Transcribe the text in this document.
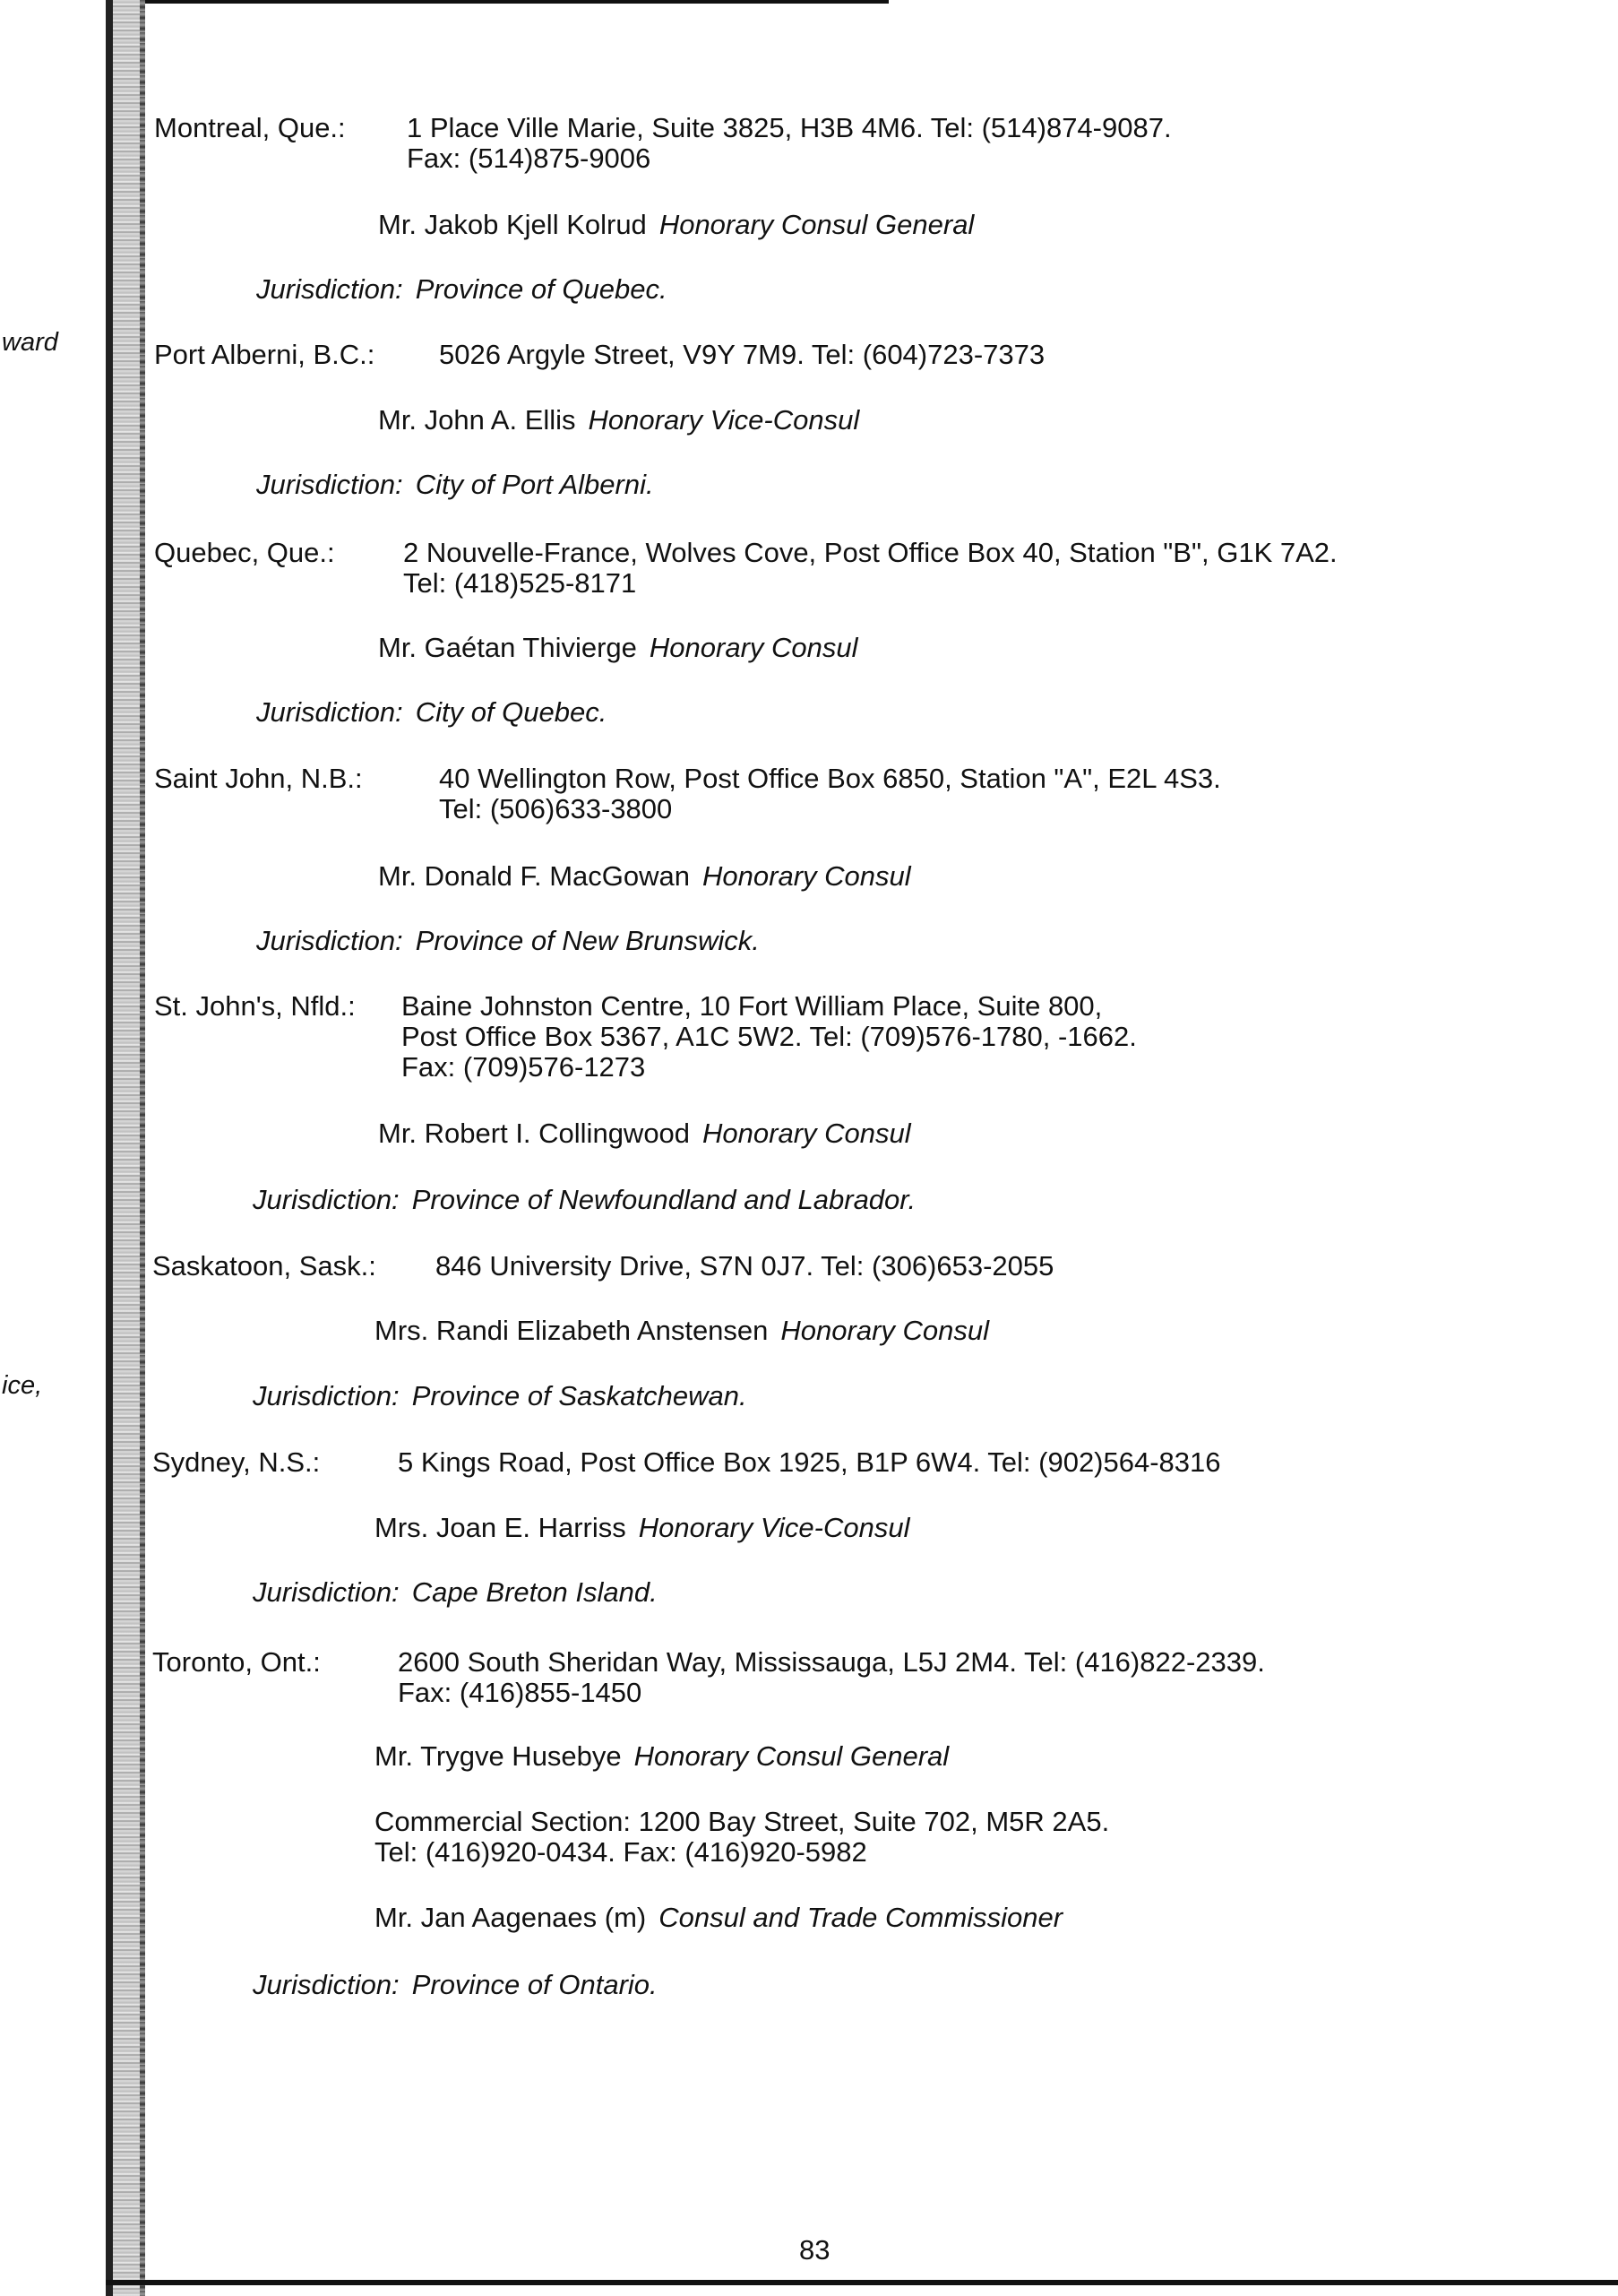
ward
ice,
Montreal, Que.: 1 Place Ville Marie, Suite 3825, H3B 4M6. Tel: (514)874-9087.
Fax: (514)875-9006
Mr. Jakob Kjell Kolrud Honorary Consul General
Jurisdiction: Province of Quebec.
Port Alberni, B.C.: 5026 Argyle Street, V9Y 7M9. Tel: (604)723-7373
Mr. John A. Ellis Honorary Vice-Consul
Jurisdiction: City of Port Alberni.
Quebec, Que.: 2 Nouvelle-France, Wolves Cove, Post Office Box 40, Station "B", G1K 7A2.
Tel: (418)525-8171
Mr. Gaétan Thivierge Honorary Consul
Jurisdiction: City of Quebec.
Saint John, N.B.:	40 Wellington Row, Post Office Box 6850, Station "A", E2L 4S3.
Tel: (506)633-3800
Mr. Donald F. MacGowan Honorary Consul
Jurisdiction: Province of New Brunswick.
St. John's, Nfld.: Baine Johnston Centre, 10 Fort William Place, Suite 800,
Post Office Box 5367, A1C 5W2. Tel: (709)576-1780, -1662.
Fax: (709)576-1273
Mr. Robert I. Collingwood Honorary Consul
Jurisdiction: Province of Newfoundland and Labrador.
Saskatoon, Sask.: 846 University Drive, S7N 0J7. Tel: (306)653-2055
Mrs. Randi Elizabeth Anstensen Honorary Consul
Jurisdiction: Province of Saskatchewan.
Sydney, N.S.:	5 Kings Road, Post Office Box 1925, B1P 6W4. Tel: (902)564-8316
Mrs. Joan E. Harriss Honorary Vice-Consul
Jurisdiction: Cape Breton Island.
Toronto, Ont.:	2600 South Sheridan Way, Mississauga, L5J 2M4. Tel: (416)822-2339.
Fax: (416)855-1450
Mr. Trygve Husebye Honorary Consul General
Commercial Section: 1200 Bay Street, Suite 702, M5R 2A5.
Tel: (416)920-0434. Fax: (416)920-5982
Mr. Jan Aagenaes (m) Consul and Trade Commissioner
Jurisdiction: Province of Ontario.
83
